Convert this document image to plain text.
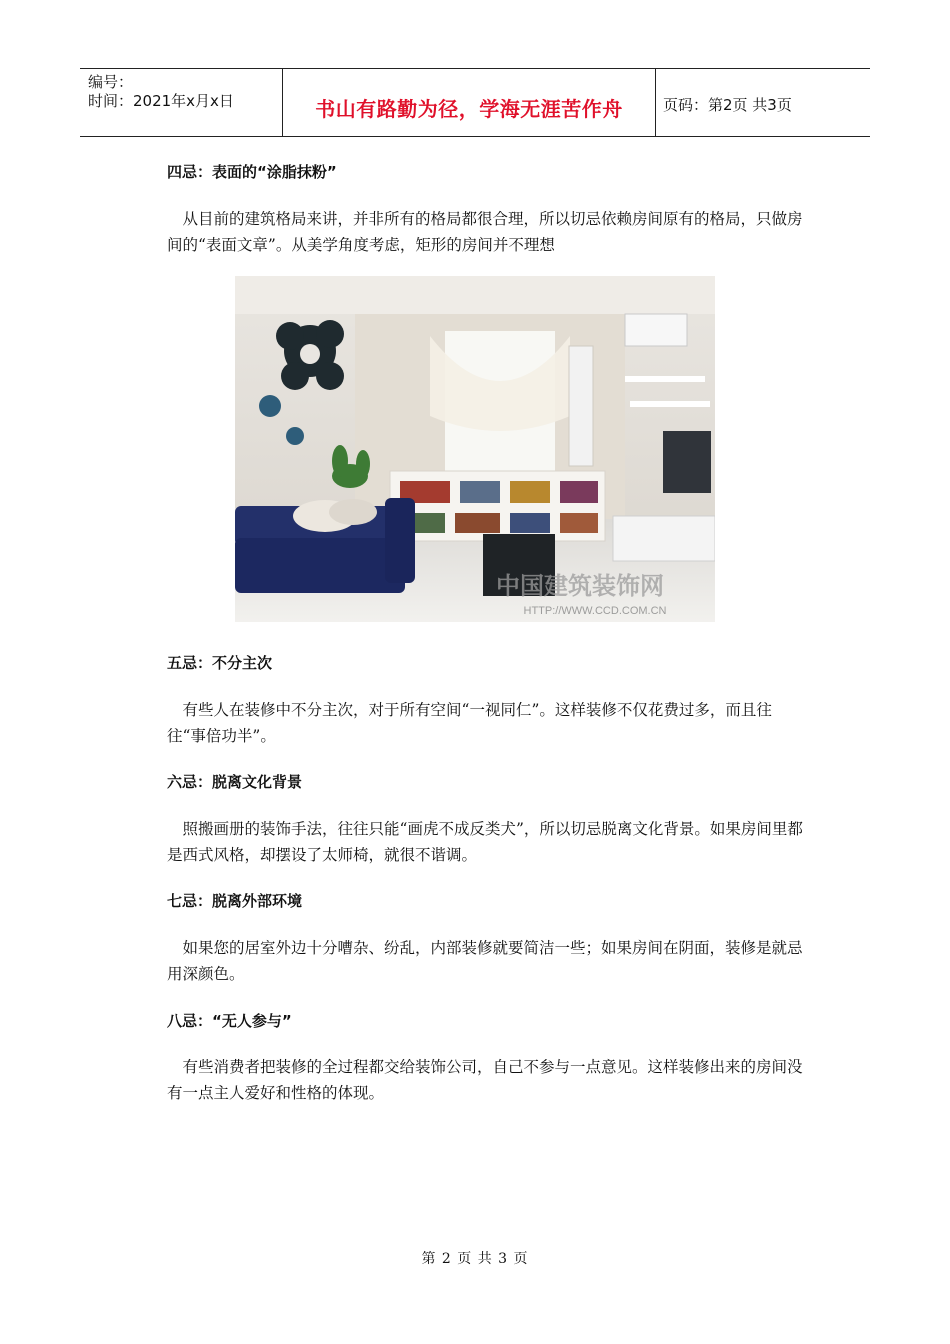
编号：
时间：2021年x月x日	书山有路勤为径，学海无涯苦作舟	页码：第2页 共3页
四忌：表面的“涂脂抹粉”
　从目前的建筑格局来讲，并非所有的格局都很合理，所以切忌依赖房间原有的格局，只做房间的“表面文章”。从美学角度考虑，矩形的房间并不理想
中国建筑装饰网
HTTP://WWW.CCD.COM.CN
五忌：不分主次
　有些人在装修中不分主次，对于所有空间“一视同仁”。这样装修不仅花费过多，而且往往“事倍功半”。
六忌：脱离文化背景
　照搬画册的装饰手法，往往只能“画虎不成反类犬”，所以切忌脱离文化背景。如果房间里都是西式风格，却摆设了太师椅，就很不谐调。
七忌：脱离外部环境
　如果您的居室外边十分嘈杂、纷乱，内部装修就要简洁一些；如果房间在阴面，装修是就忌用深颜色。
八忌：“无人参与”
　有些消费者把装修的全过程都交给装饰公司，自己不参与一点意见。这样装修出来的房间没有一点主人爱好和性格的体现。
第 2 页 共 3 页
